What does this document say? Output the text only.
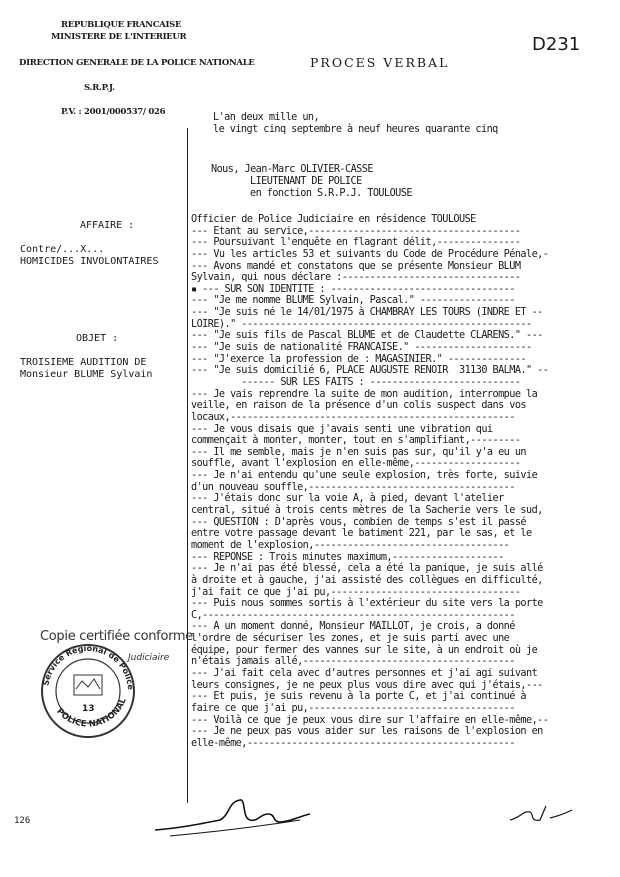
REPUBLIQUE FRANCAISE
MINISTERE DE L'INTERIEUR
DIRECTION GENERALE DE LA POLICE NATIONALE
S.R.P.J.
P.V. : 2001/000537/ 026
PROCES VERBAL
D231
L'an deux mille un,
le vingt cinq septembre à neuf heures quarante cinq
Nous, Jean-Marc OLIVIER-CASSE
LIEUTENANT DE POLICE
en fonction S.R.P.J. TOULOUSE
AFFAIRE :
Contre/...X...
HOMICIDES INVOLONTAIRES
OBJET :
TROISIEME AUDITION DE
Monsieur BLUME Sylvain
Officier de Police Judiciaire en résidence TOULOUSE
--- Etant au service,--------------------------------------
--- Poursuivant l'enquête en flagrant délit,---------------
--- Vu les articles 53 et suivants du Code de Procédure Pénale,-
--- Avons mandé et constatons que se présente Monsieur BLUM
Sylvain, qui nous déclare :--------------------------------
▪ --- SUR SON IDENTITE : ---------------------------------
--- "Je me nomme BLUME Sylvain, Pascal." -----------------
--- "Je suis né le 14/01/1975 à CHAMBRAY LES TOURS (INDRE ET --
LOIRE)." ----------------------------------------------------
--- "Je suis fils de Pascal BLUME et de Claudette CLARENS." ---
--- "Je suis de nationalité FRANCAISE." ---------------------
--- "J'exerce la profession de : MAGASINIER." --------------
--- "Je suis domicilié 6, PLACE AUGUSTE RENOIR  31130 BALMA." --
------ SUR LES FAITS : ---------------------------
--- Je vais reprendre la suite de mon audition, interrompue la
veille, en raison de la présence d'un colis suspect dans vos
locaux,---------------------------------------------------
--- Je vous disais que j'avais senti une vibration qui
commençait à monter, monter, tout en s'amplifiant,---------
--- Il me semble, mais je n'en suis pas sur, qu'il y'a eu un
souffle, avant l'explosion en elle-même,-------------------
--- Je n'ai entendu qu'une seule explosion, très forte, suivie
d'un nouveau souffle,-------------------------------------
--- J'étais donc sur la voie A, à pied, devant l'atelier
central, situé à trois cents mètres de la Sacherie vers le sud,
--- QUESTION : D'après vous, combien de temps s'est il passé
entre votre passage devant le batiment 221, par le sas, et le
moment de l'explosion,-----------------------------------
--- REPONSE : Trois minutes maximum,--------------------
--- Je n'ai pas été blessé, cela a été la panique, je suis allé
à droite et à gauche, j'ai assisté des collègues en difficulté,
j'ai fait ce que j'ai pu,----------------------------------
--- Puis nous sommes sortis à l'extérieur du site vers la porte
C,--------------------------------------------------------
--- A un moment donné, Monsieur MAILLOT, je crois, a donné
l'ordre de sécuriser les zones, et je suis parti avec une
équipe, pour fermer des vannes sur le site, à un endroit où je
n'étais jamais allé,--------------------------------------
--- J'ai fait cela avec d'autres personnes et j'ai agi suivant
leurs consignes, je ne peux plus vous dire avec qui j'étais,---
--- Et puis, je suis revenu à la porte C, et j'ai continué à
faire ce que j'ai pu,-------------------------------------
--- Voilà ce que je peux vous dire sur l'affaire en elle-même,--
--- Je ne peux pas vous aider sur les raisons de l'explosion en
elle-même,------------------------------------------------
Service Régional de Police
POLICE NATIONAL
13
Copie certifiée conforme
Judiciaire
126
